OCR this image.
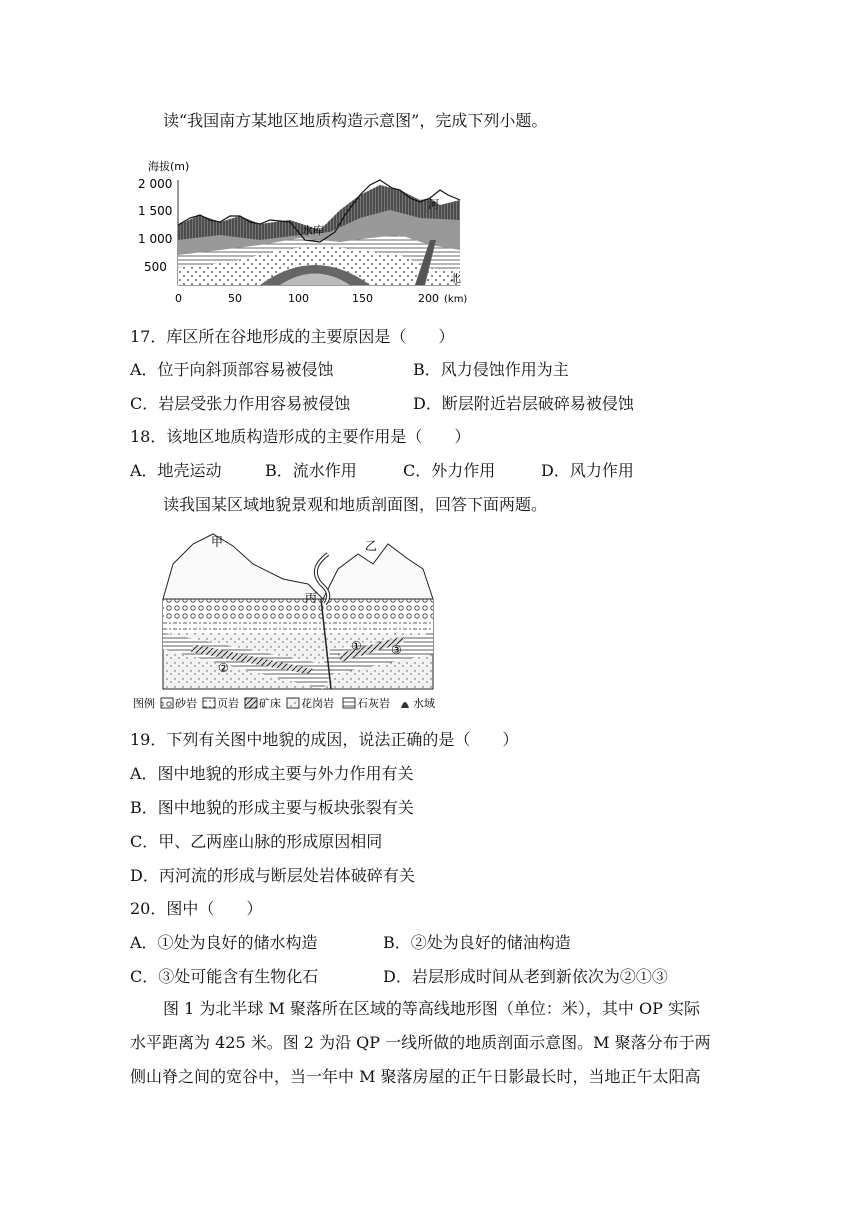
读“我国南方某地区地质构造示意图”，完成下列小题。
海拔(m)
2 000
1 500
1 000
500
水库
河
北
0	50	100	150	200 (km)
17．库区所在谷地形成的主要原因是（　　）
A．位于向斜顶部容易被侵蚀	B．风力侵蚀作用为主
C．岩层受张力作用容易被侵蚀	D．断层附近岩层破碎易被侵蚀
18．该地区地质构造形成的主要作用是（　　）
A．地壳运动	B．流水作用	C．外力作用	D．风力作用
读我国某区域地貌景观和地质剖面图，回答下面两题。
甲	乙
丙
①
②
③
图例 砂岩 页岩 矿床 花岗岩 石灰岩 水域
19．下列有关图中地貌的成因，说法正确的是（　　）
A．图中地貌的形成主要与外力作用有关
B．图中地貌的形成主要与板块张裂有关
C．甲、乙两座山脉的形成原因相同
D．丙河流的形成与断层处岩体破碎有关
20．图中（　　）
A．①处为良好的储水构造	B．②处为良好的储油构造
C．③处可能含有生物化石	D．岩层形成时间从老到新依次为②①③
图 1 为北半球 M 聚落所在区域的等高线地形图（单位：米），其中 OP 实际
水平距离为 425 米。图 2 为沿 QP 一线所做的地质剖面示意图。M 聚落分布于两
侧山脊之间的宽谷中，当一年中 M 聚落房屋的正午日影最长时，当地正午太阳高
